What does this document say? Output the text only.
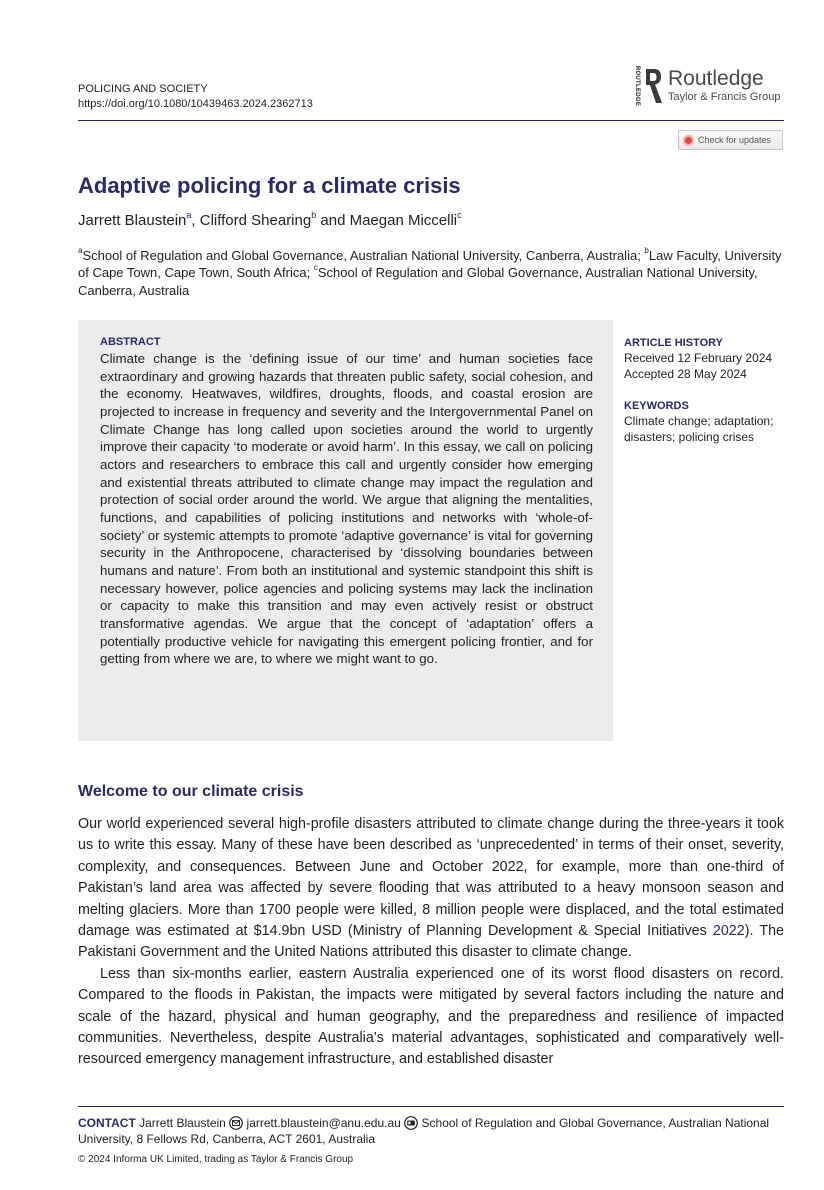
POLICING AND SOCIETY
https://doi.org/10.1080/10439463.2024.2362713	ROUTLEDGE Routledge
Taylor & Francis Group
Check for updates
Adaptive policing for a climate crisis
Jarrett Blaustein$^a$, Clifford Shearing$^b$ and Maegan Miccelli$^c$
$^a$School of Regulation and Global Governance, Australian National University, Canberra, Australia; $^b$Law Faculty, University of Cape Town, Cape Town, South Africa; $^c$School of Regulation and Global Governance, Australian National University, Canberra, Australia
ABSTRACT

Climate change is the ‘defining issue of our time’ and human societies face extraordinary and growing hazards that threaten public safety, social cohesion, and the economy. Heatwaves, wildfires, droughts, floods, and coastal erosion are projected to increase in frequency and severity and the Intergovernmental Panel on Climate Change has long called upon societies around the world to urgently improve their capacity ‘to moderate or avoid harm’. In this essay, we call on policing actors and researchers to embrace this call and urgently consider how emerging and existential threats attributed to climate change may impact the regulation and protection of social order around the world. We argue that aligning the mentalities, functions, and capabilities of policing institutions and networks with ‘whole-of-society’ or systemic attempts to promote ‘adaptive governance’ is vital for governing security in the Anthropocene, characterised by ‘dissolving boundaries between humans and nature’. From both an institutional and systemic standpoint this shift is necessary however, police agencies and policing systems may lack the inclination or capacity to make this transition and may even actively resist or obstruct transformative agendas. We argue that the concept of ‘adaptation’ offers a potentially productive vehicle for navigating this emergent policing frontier, and for getting from where we are, to where we might want to go.

ARTICLE HISTORY
Received 12 February 2024
Accepted 28 May 2024
KEYWORDS
Climate change; adaptation; disasters; policing crises
Welcome to our climate crisis

Our world experienced several high-profile disasters attributed to climate change during the three-years it took us to write this essay. Many of these have been described as ‘unprecedented’ in terms of their onset, severity, complexity, and consequences. Between June and October 2022, for example, more than one-third of Pakistan’s land area was affected by severe flooding that was attributed to a heavy monsoon season and melting glaciers. More than 1700 people were killed, 8 million people were displaced, and the total estimated damage was estimated at $14.9bn USD (Ministry of Planning Development & Special Initiatives 2022). The Pakistani Government and the United Nations attributed this disaster to climate change.

Less than six-months earlier, eastern Australia experienced one of its worst flood disasters on record. Compared to the floods in Pakistan, the impacts were mitigated by several factors including the nature and scale of the hazard, physical and human geography, and the preparedness and resilience of impacted communities. Nevertheless, despite Australia’s material advantages, sophisticated and comparatively well-resourced emergency management infrastructure, and established disaster

CONTACT Jarrett Blaustein jarrett.blaustein@anu.edu.au School of Regulation and Global Governance, Australian National University, 8 Fellows Rd, Canberra, ACT 2601, Australia
© 2024 Informa UK Limited, trading as Taylor & Francis Group
